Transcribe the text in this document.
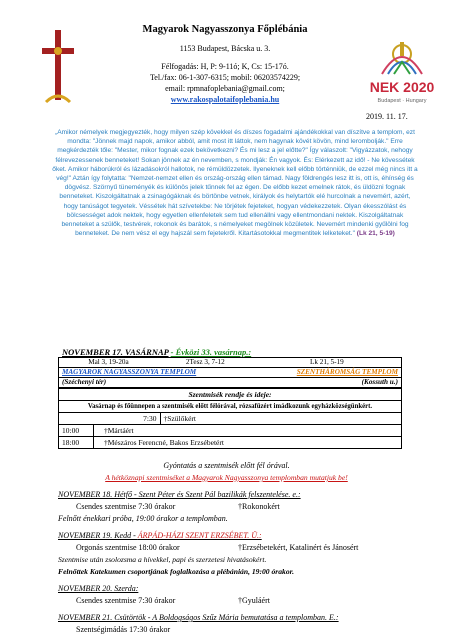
Magyarok Nagyasszonya Főplébánia
1153 Budapest, Bácska u. 3.
Félfogadás: H, P: 9-11ó; K, Cs: 15-17ó.
Tel./fax: 06-1-307-6315; mobil: 06203574229;
email: rpmnafoplebania@gmail.com;
www.rakospalotaifoplebania.hu
NEK 2020
Budapest · Hungary
2019. 11. 17.
„Amikor némelyek megjegyezték, hogy milyen szép kövekkel és díszes fogadalmi ajándékokkal van díszítve a templom, ezt mondta: "Jönnek majd napok, amikor abból, amit most itt láttok, nem hagynak kövét kövön, mind lerombolják." Erre megkérdezték tőle: "Mester, mikor fognak ezek bekövetkezni? És mi lesz a jel előtte?" Így válaszolt: "Vigyázzatok, nehogy félrevezessenek benneteket! Sokan jönnek az én nevemben, s mondják: Én vagyok. És: Elérkezett az idő! - Ne kövessétek őket. Amikor háborúkról és lázadásokról hallotok, ne rémüldözzetek. Ilyeneknek kell előbb történniük, de ezzel még nincs itt a vég!" Aztán így folytatta: "Nemzet-nemzet ellen és ország-ország ellen támad. Nagy földrengés lesz itt is, ott is, éhínség és dögvész. Szörnyű tüneményék és különös jelek tűnnek fel az égen. De előbb kezet emelnek rátok, és üldözni fognak benneteket. Kiszolgáltatnak a zsinagógáknak és börtönbe vetnek, királyok és helytartók elé hurcolnak a nevemért, azért, hogy tanúságot tegyetek. Véssétek hát szívetekbe: Ne törjétek fejeteket, hogyan védekezzetek. Olyan ékesszólást és bölcsességet adok nektek, hogy egyetlen ellenfeletek sem tud ellenállni vagy ellentmondani nektek. Kiszolgáltatnak benneteket a szülők, testvérek, rokonok és barátok, s némelyeket megölnek közületek. Nevemért mindenki gyűlölni fog benneteket. De nem vész el egy hajszál sem fejetekről. Kitartásotokkal megmentitek lelketeket." (Lk 21, 5-19)
NOVEMBER 17. VASÁRNAP - Évközi 33. vasárnap.:
Mal 3, 19-20a	2Tesz 3, 7-12	Lk 21, 5-19
MAGYAROK NAGYASSZONYA TEMPLOM		SZENTHÁROMSÁG TEMPLOM
(Széchenyi tér)		(Kossuth u.)
Szentmisék rendje és ideje:		
Vasárnap és főünnepen a szentmisék előtt félórával, rózsafüzért imádkozunk egyházközségünkért.		
	7:30	†Szülőkért
10:00	†Mártáért	
18:00	†Mészáros Ferencné, Bakos Erzsébetért	
Gyóntatás a szentmisék előtt fél órával.
A hétköznapi szentmiséket a Magyarok Nagyasszonya templomban mutatjuk be!
NOVEMBER 18. Hétfő - Szent Péter és Szent Pál bazilikák felszentelése. e.:
Csendes szentmise 7:30 órakor	†Rokonokért
Felnőtt énekkari próba, 19:00 órakor a templomban.
NOVEMBER 19. Kedd - ÁRPÁD-HÁZI SZENT ERZSÉBET. Ü.:
Orgonás szentmise 18:00 órakor	†Erzsébetekért, Katalinért és Jánosért
Szentmise után zsolozsma a hívekkel, papi és szerzetesi hivatásokért.
Felnőttek Katekumen csoportjának foglalkozása a plébánián, 19:00 órakor.
NOVEMBER 20. Szerda:
Csendes szentmise 7:30 órakor	†Gyuláért
NOVEMBER 21. Csütörtök - A Boldogságos Szűz Mária bemutatása a templomban. E.:
Szentségimádás 17:30 órakor
